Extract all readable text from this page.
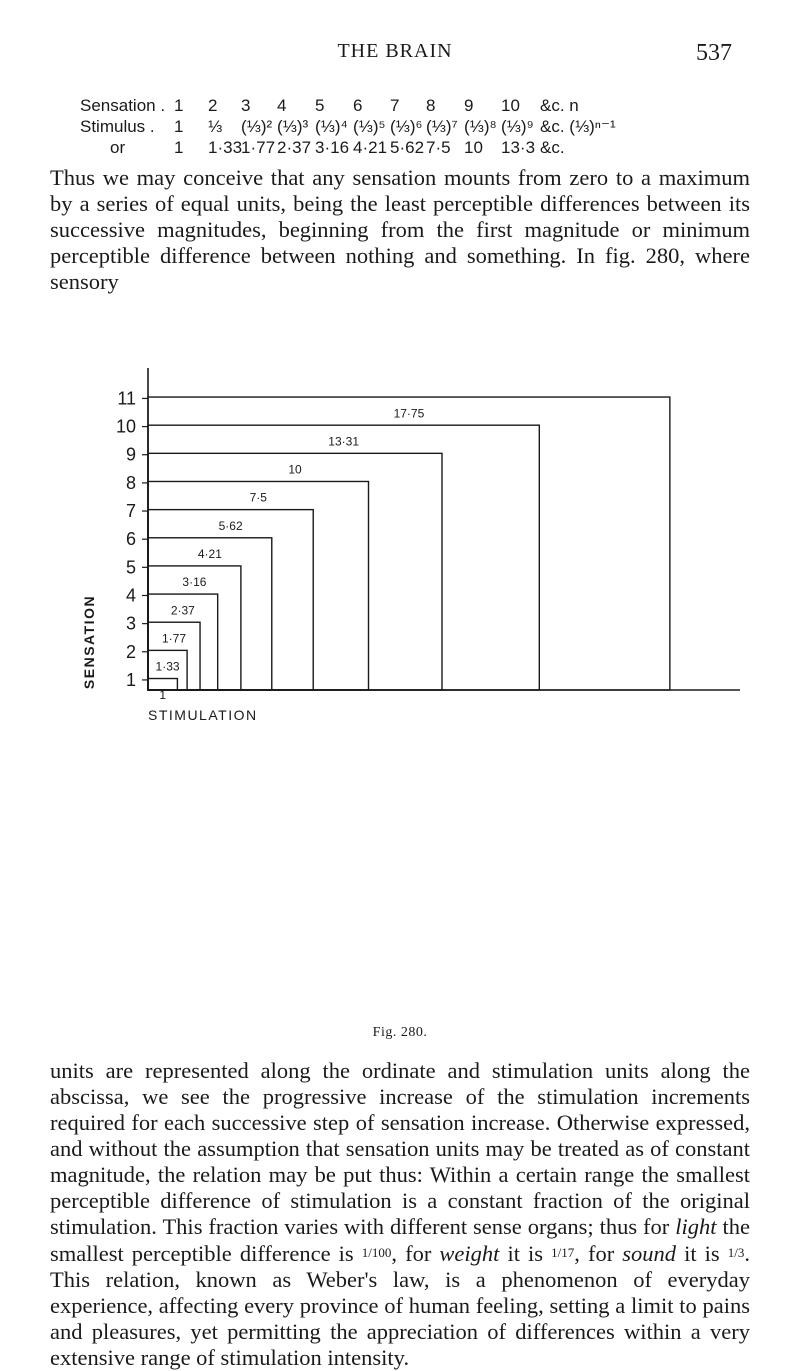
THE BRAIN	537
Sensation . 1 2 3 4 5 6 7 8 9 10 &c. n
Stimulus . 1 ⅓ (⅓)² (⅓)³ (⅓)⁴ (⅓)⁵ (⅓)⁶ (⅓)⁷ (⅓)⁸ (⅓)⁹ &c. (⅓)ⁿ⁻¹
or	1 1·33
1·77 2·37 3·16 4·21 5·62 7·5 10 13·3 &c.

Thus we may conceive that any sensation mounts from zero to a maximum by a series of equal units, being the least perceptible differences between its successive magnitudes, beginning from the first magnitude or minimum perceptible difference between nothing and something. In fig. 280, where sensory

1
2
3
4
5
6
7
8
9
10
11
1
1·33
1·77
2·37
3·16
4·21
5·62
7·5
10
13·31
17·75
SENSATION
STIMULATION
Fig. 280.

units are represented along the ordinate and stimulation units along the abscissa, we see the progressive increase of the stimulation increments required for each successive step of sensation increase. Otherwise expressed, and without the assumption that sensation units may be treated as of constant magnitude, the relation may be put thus: Within a certain range the smallest perceptible difference of stimulation is a constant fraction of the original stimulation. This fraction varies with different sense organs; thus for light the smallest perceptible difference is 1/100, for weight it is 1/17, for sound it is 1/3. This relation, known as Weber's law, is a phenomenon of everyday experience, affecting every province of human feeling, setting a limit to pains and pleasures, yet permitting the appreciation of differences within a very extensive range of stimulation intensity.
